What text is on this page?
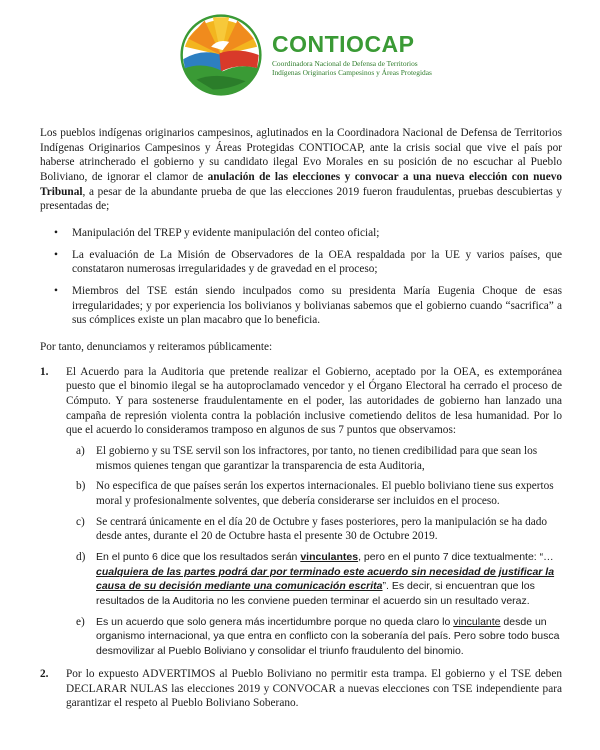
CONTIOCAP
Coordinadora Nacional de Defensa de Territorios
Indígenas Originarios Campesinos y Áreas Protegidas

Los pueblos indígenas originarios campesinos, aglutinados en la Coordinadora Nacional de Defensa de Territorios Indígenas Originarios Campesinos y Áreas Protegidas CONTIOCAP, ante la crisis social que vive el país por haberse atrincherado el gobierno y su candidato ilegal Evo Morales en su posición de no escuchar al Pueblo Boliviano, de ignorar el clamor de anulación de las elecciones y convocar a una nueva elección con nuevo Tribunal, a pesar de la abundante prueba de que las elecciones 2019 fueron fraudulentas, pruebas descubiertas y presentadas de;

• Manipulación del TREP y evidente manipulación del conteo oficial;
• La evaluación de La Misión de Observadores de la OEA respaldada por la UE y varios países, que constataron numerosas irregularidades y de gravedad en el proceso;
• Miembros del TSE están siendo inculpados como su presidenta María Eugenia Choque de esas irregularidades; y por experiencia los bolivianos y bolivianas sabemos que el gobierno cuando “sacrifica” a sus cómplices existe un plan macabro que lo beneficia.

Por tanto, denunciamos y reiteramos públicamente:

1. El Acuerdo para la Auditoria que pretende realizar el Gobierno, aceptado por la OEA, es extemporánea puesto que el binomio ilegal se ha autoproclamado vencedor y el Órgano Electoral ha cerrado el proceso de Cómputo. Y para sostenerse fraudulentamente en el poder, las autoridades de gobierno han lanzado una campaña de represión violenta contra la población inclusive cometiendo delitos de lesa humanidad. Por lo que el acuerdo lo consideramos tramposo en algunos de sus 7 puntos que observamos:

a) El gobierno y su TSE servil son los infractores, por tanto, no tienen credibilidad para que sean los mismos quienes tengan que garantizar la transparencia de esta Auditoria,
b) No especifica de que países serán los expertos internacionales. El pueblo boliviano tiene sus expertos moral y profesionalmente solventes, que debería considerarse ser incluidos en el proceso.
c) Se centrará únicamente en el día 20 de Octubre y fases posteriores, pero la manipulación se ha dado desde antes, durante el 20 de Octubre hasta el presente 30 de Octubre 2019.
d) En el punto 6 dice que los resultados serán vinculantes, pero en el punto 7 dice textualmente: “…cualquiera de las partes podrá dar por terminado este acuerdo sin necesidad de justificar la causa de su decisión mediante una comunicación escrita”. Es decir, si encuentran que los resultados de la Auditoria no les conviene pueden terminar el acuerdo sin un resultado veraz.
e) Es un acuerdo que solo genera más incertidumbre porque no queda claro lo vinculante desde un organismo internacional, ya que entra en conflicto con la soberanía del país. Pero sobre todo busca desmovilizar al Pueblo Boliviano y consolidar el triunfo fraudulento del binomio.
2. Por lo expuesto ADVERTIMOS al Pueblo Boliviano no permitir esta trampa. El gobierno y el TSE deben DECLARAR NULAS las elecciones 2019 y CONVOCAR a nuevas elecciones con TSE independiente para garantizar el respeto al Pueblo Boliviano Soberano.
